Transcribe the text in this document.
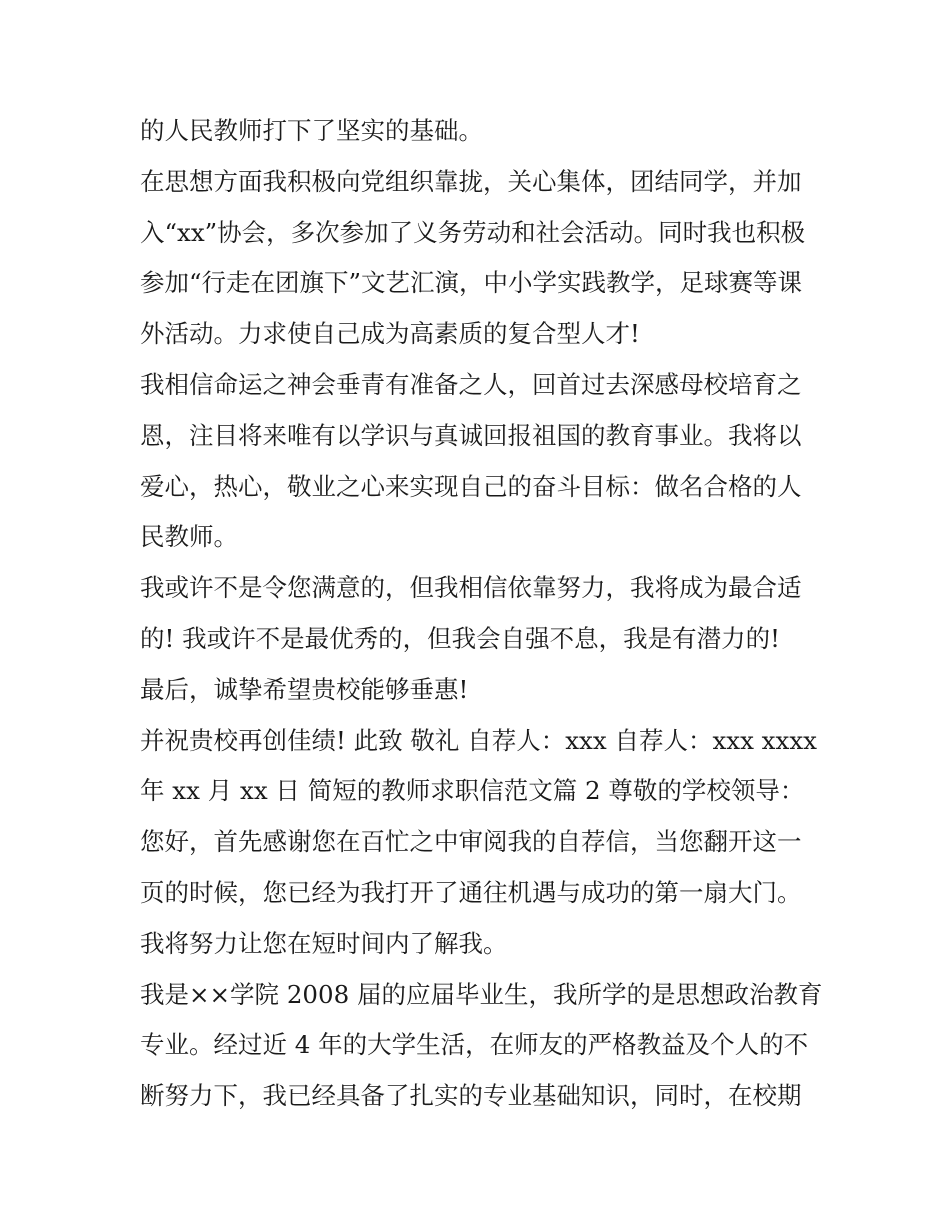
的人民教师打下了坚实的基础。
在思想方面我积极向党组织靠拢，关心集体，团结同学，并加
入“xx”协会，多次参加了义务劳动和社会活动。同时我也积极
参加“行走在团旗下”文艺汇演，中小学实践教学，足球赛等课
外活动。力求使自己成为高素质的复合型人才!
我相信命运之神会垂青有准备之人，回首过去深感母校培育之
恩，注目将来唯有以学识与真诚回报祖国的教育事业。我将以
爱心，热心，敬业之心来实现自己的奋斗目标：做名合格的人
民教师。
我或许不是令您满意的，但我相信依靠努力，我将成为最合适
的! 我或许不是最优秀的，但我会自强不息，我是有潜力的!
最后，诚挚希望贵校能够垂惠!
并祝贵校再创佳绩! 此致 敬礼 自荐人：xxx 自荐人：xxx xxxx
年 xx 月 xx 日 简短的教师求职信范文篇 2 尊敬的学校领导：
您好，首先感谢您在百忙之中审阅我的自荐信，当您翻开这一
页的时候，您已经为我打开了通往机遇与成功的第一扇大门。
我将努力让您在短时间内了解我。
我是××学院 2008 届的应届毕业生，我所学的是思想政治教育
专业。经过近 4 年的大学生活，在师友的严格教益及个人的不
断努力下，我已经具备了扎实的专业基础知识，同时，在校期
